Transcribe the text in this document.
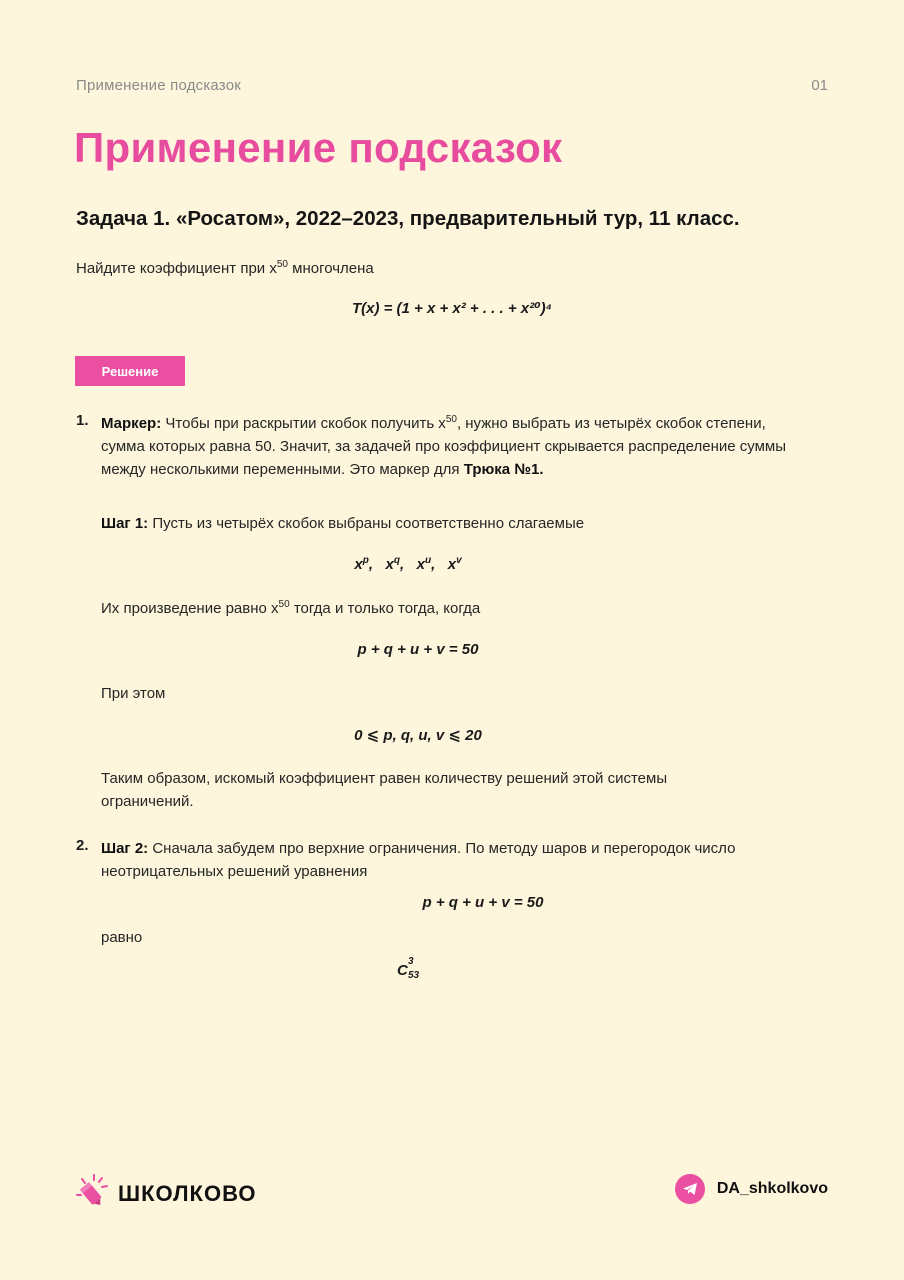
Применение подсказок	01
Применение подсказок
Задача 1. «Росатом», 2022–2023, предварительный тур, 11 класс.

Найдите коэффициент при $x^{50}$ многочлена

T(x) = (1 + x + x² + . . . + x²⁰)⁴
Решение
1. Маркер: Чтобы при раскрытии скобок получить $x^{50}$, нужно выбрать из четырёх скобок степени, сумма которых равна 50. Значит, за задачей про коэффициент скрывается распределение суммы между несколькими переменными. Это маркер для Трюка №1.

Шаг 1: Пусть из четырёх скобок выбраны соответственно слагаемые

$x^p$,   $x^q$,   $x^u$,   $x^v$

Их произведение равно $x^{50}$ тогда и только тогда, когда

p + q + u + v = 50

При этом

0 ⩽ p, q, u, v ⩽ 20

Таким образом, искомый коэффициент равен количеству решений этой системы ограничений.

2. Шаг 2: Сначала забудем про верхние ограничения. По методу шаров и перегородок число неотрицательных решений уравнения

p + q + u + v = 50

равно

C
3
53
ШКОЛКОВО	DA_shkolkovo
